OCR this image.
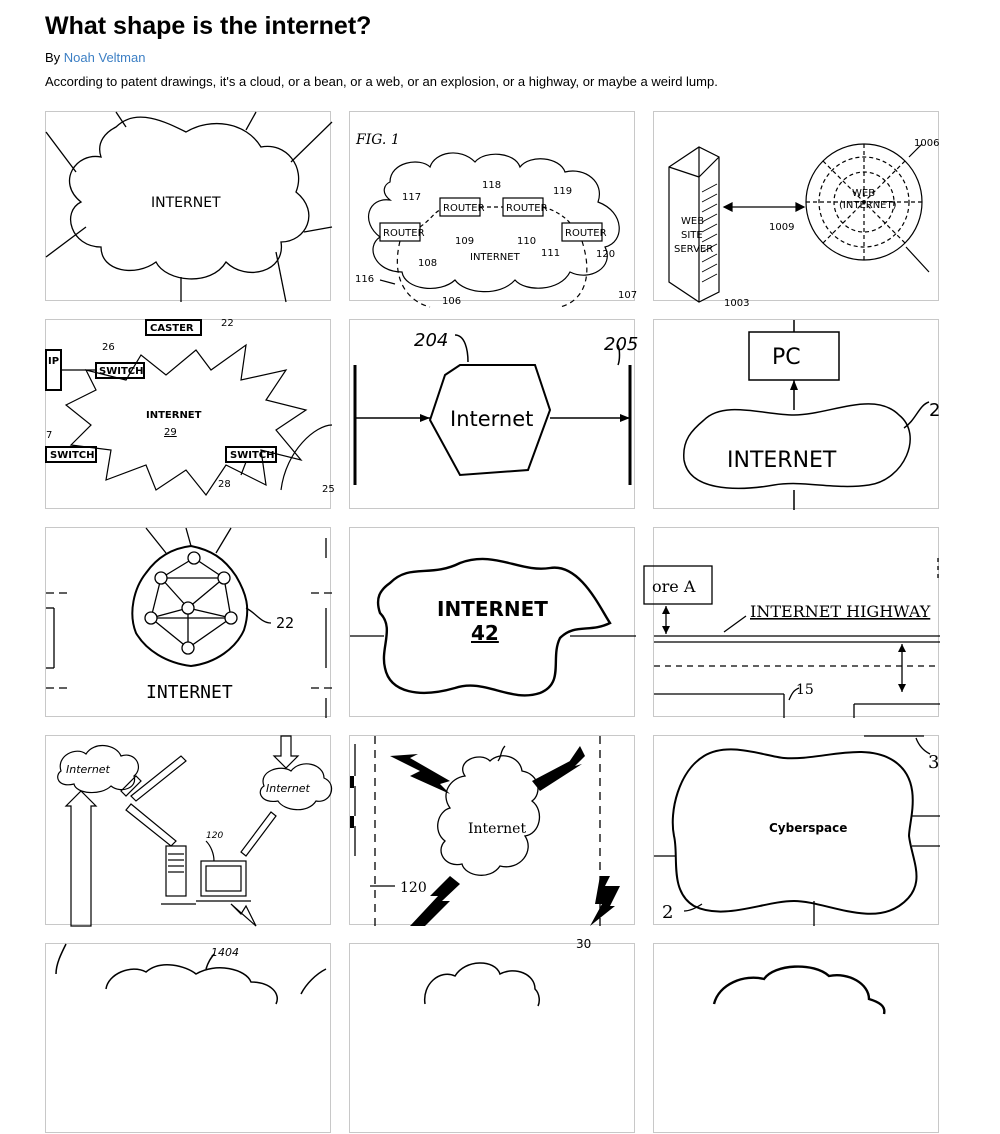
What shape is the internet?
By Noah Veltman
According to patent drawings, it's a cloud, or a bean, or a web, or an explosion, or a highway, or maybe a weird lump.
INTERNET
FIG. 1
ROUTER ROUTER
ROUTER	ROUTER
INTERNET
117
118
119
109	110
111
108
120
116
106
107
WEB
SITE
SERVER
WEB
(INTERNET)
1009
1006
1003
CASTER
IP
SWITCH
SWITCH	SWITCH
INTERNET
29
26
22
7
28	25
204	205
Internet
PC
INTERNET
2
22
INTERNET
INTERNET
42
ore A
INTERNET HIGHWAY
15
Internet
Internet
120	Internet
120
Cyberspace
3
2
1404
30
